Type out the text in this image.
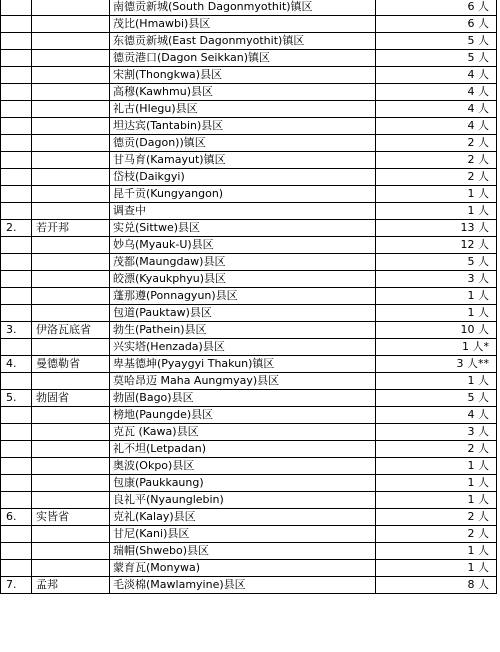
		南德贡新城(South Dagonmyothit)镇区	6 人
		茂比(Hmawbi)县区	6 人
		东德贡新城(East Dagonmyothit)镇区	5 人
		德贡港口(Dagon Seikkan)镇区	5 人
		宋割(Thongkwa)县区	4 人
		高穆(Kawhmu)县区	4 人
		礼古(Hlegu)县区	4 人
		坦达宾(Tantabin)县区	4 人
		德贡(Dagon))镇区	2 人
		甘马育(Kamayut)镇区	2 人
		岱枝(Daikgyi)	2 人
		昆千贡(Kungyangon)	1 人
		调查中	1 人
2.	若开邦	实兑(Sittwe)县区	13 人
		妙乌(Myauk-U)县区	12 人
		茂都(Maungdaw)县区	5 人
		皎漂(Kyaukphyu)县区	3 人
		蓬那遵(Ponnagyun)县区	1 人
		包道(Pauktaw)县区	1 人
3.	伊洛瓦底省	勃生(Pathein)县区	10 人
		兴实塔(Henzada)县区	1 人*
4.	曼德勒省	卑基德坤(Pyaygyi Thakun)镇区	3 人**
		莫哈昂迈 Maha Aungmyay)县区	1 人
5.	勃固省	勃固(Bago)县区	5 人
		榜地(Paungde)县区	4 人
		克瓦 (Kawa)县区	3 人
		礼不坦(Letpadan)	2 人
		奥波(Okpo)县区	1 人
		包康(Paukkaung)	1 人
		良礼平(Nyaunglebin)	1 人
6.	实皆省	克礼(Kalay)县区	2 人
		甘尼(Kani)县区	2 人
		瑞帽(Shwebo)县区	1 人
		蒙育瓦(Monywa)	1 人
7.	孟邦	毛淡棉(Mawlamyine)县区	8 人
